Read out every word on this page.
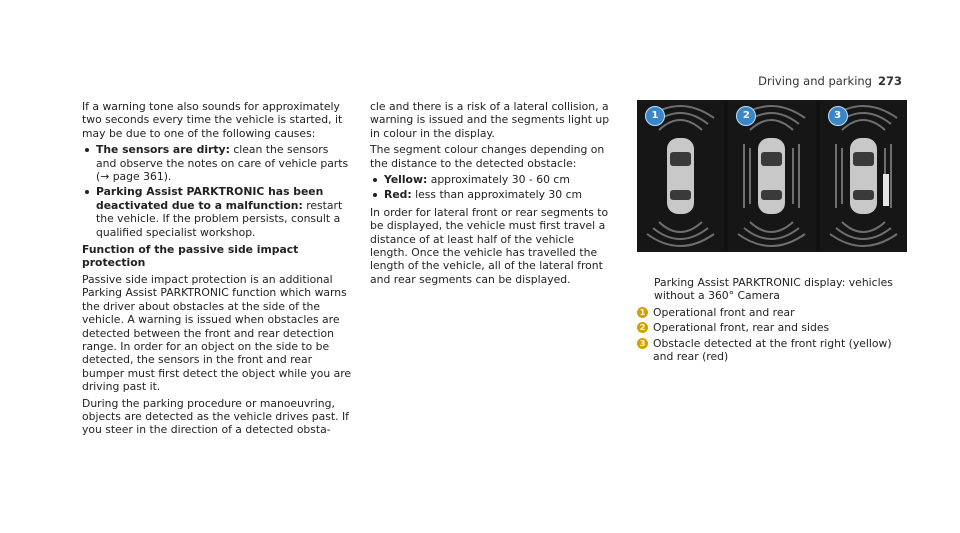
Driving and parking 273

If a warning tone also sounds for approximately two seconds every time the vehicle is started, it may be due to one of the following causes:

The sensors are dirty: clean the sensors and observe the notes on care of vehicle parts (→ page 361).
Parking Assist PARKTRONIC has been deactivated due to a malfunction: restart the vehicle. If the problem persists, consult a qualified specialist workshop.

Function of the passive side impact protection

Passive side impact protection is an additional Parking Assist PARKTRONIC function which warns the driver about obstacles at the side of the vehicle. A warning is issued when obstacles are detected between the front and rear detection range. In order for an object on the side to be detected, the sensors in the front and rear bumper must first detect the object while you are driving past it.

During the parking procedure or manoeuvring, objects are detected as the vehicle drives past. If you steer in the direction of a detected obsta-

cle and there is a risk of a lateral collision, a warning is issued and the segments light up in colour in the display.

The segment colour changes depending on the distance to the detected obstacle:

Yellow: approximately 30 - 60 cm
Red: less than approximately 30 cm

In order for lateral front or rear segments to be displayed, the vehicle must first travel a distance of at least half of the vehicle length. Once the vehicle has travelled the length of the vehicle, all of the lateral front and rear segments can be displayed.

1	2	3

Parking Assist PARKTRONIC display: vehicles without a 360° Camera

1 Operational front and rear
2 Operational front, rear and sides
3 Obstacle detected at the front right (yellow) and rear (red)
